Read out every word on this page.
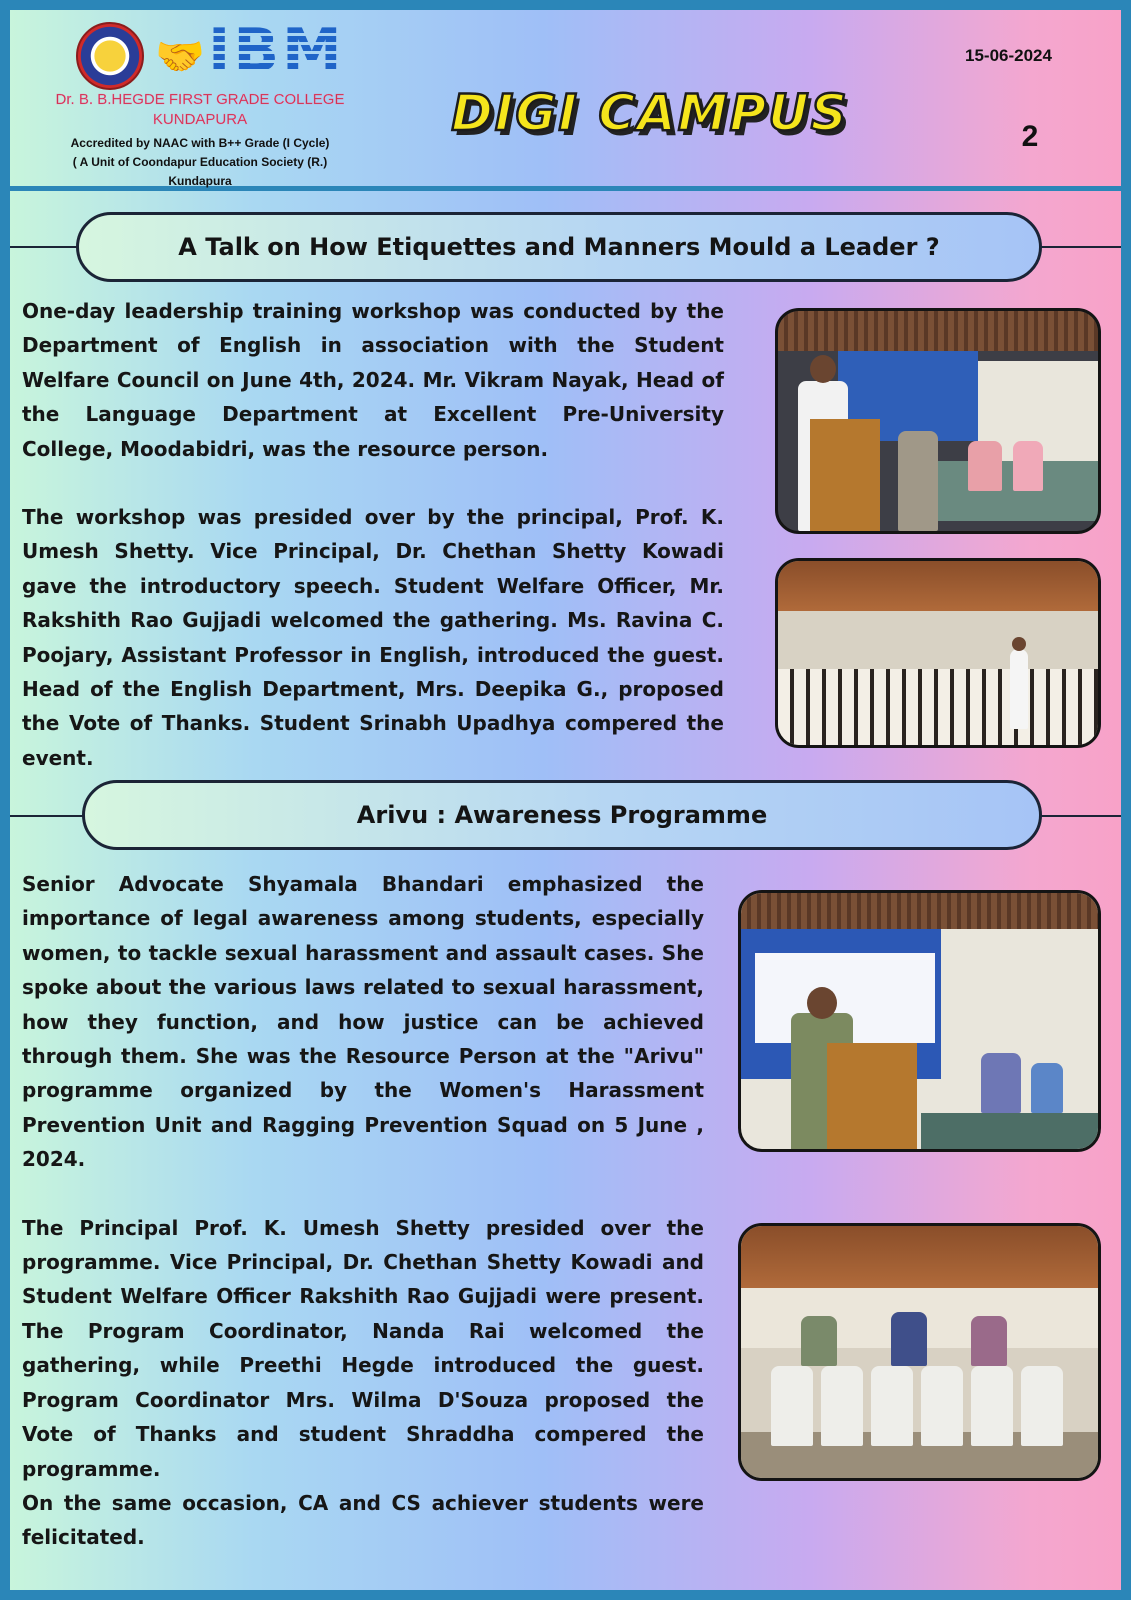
🤝 IBM
Dr. B. B.HEGDE FIRST GRADE COLLEGE
KUNDAPURA
Accredited by NAAC with B++ Grade (I Cycle)
( A Unit of Coondapur Education Society (R.)
Kundapura
DIGI CAMPUS
15-06-2024
2
A Talk on How Etiquettes and Manners Mould a Leader ?

One-day leadership training workshop was conducted by the Department of English in association with the Student Welfare Council on June 4th, 2024. Mr. Vikram Nayak, Head of the Language Department at Excellent Pre-University College, Moodabidri, was the resource person.

The workshop was presided over by the principal, Prof. K. Umesh Shetty. Vice Principal, Dr. Chethan Shetty Kowadi gave the introductory speech. Student Welfare Officer, Mr. Rakshith Rao Gujjadi welcomed the gathering. Ms. Ravina C. Poojary, Assistant Professor in English, introduced the guest. Head of the English Department, Mrs. Deepika G., proposed the Vote of Thanks. Student Srinabh Upadhya compered the event.

Arivu : Awareness Programme

Senior Advocate Shyamala Bhandari emphasized the importance of legal awareness among students, especially women, to tackle sexual harassment and assault cases. She spoke about the various laws related to sexual harassment, how they function, and how justice can be achieved through them. She was the Resource Person at the "Arivu" programme organized by the Women's Harassment Prevention Unit and Ragging Prevention Squad on 5 June , 2024.

The Principal Prof. K. Umesh Shetty presided over the programme. Vice Principal, Dr. Chethan Shetty Kowadi and Student Welfare Officer Rakshith Rao Gujjadi were present. The Program Coordinator, Nanda Rai welcomed the gathering, while Preethi Hegde introduced the guest. Program Coordinator Mrs. Wilma D'Souza proposed the Vote of Thanks and student Shraddha compered the programme.

On the same occasion, CA and CS achiever students were felicitated.
